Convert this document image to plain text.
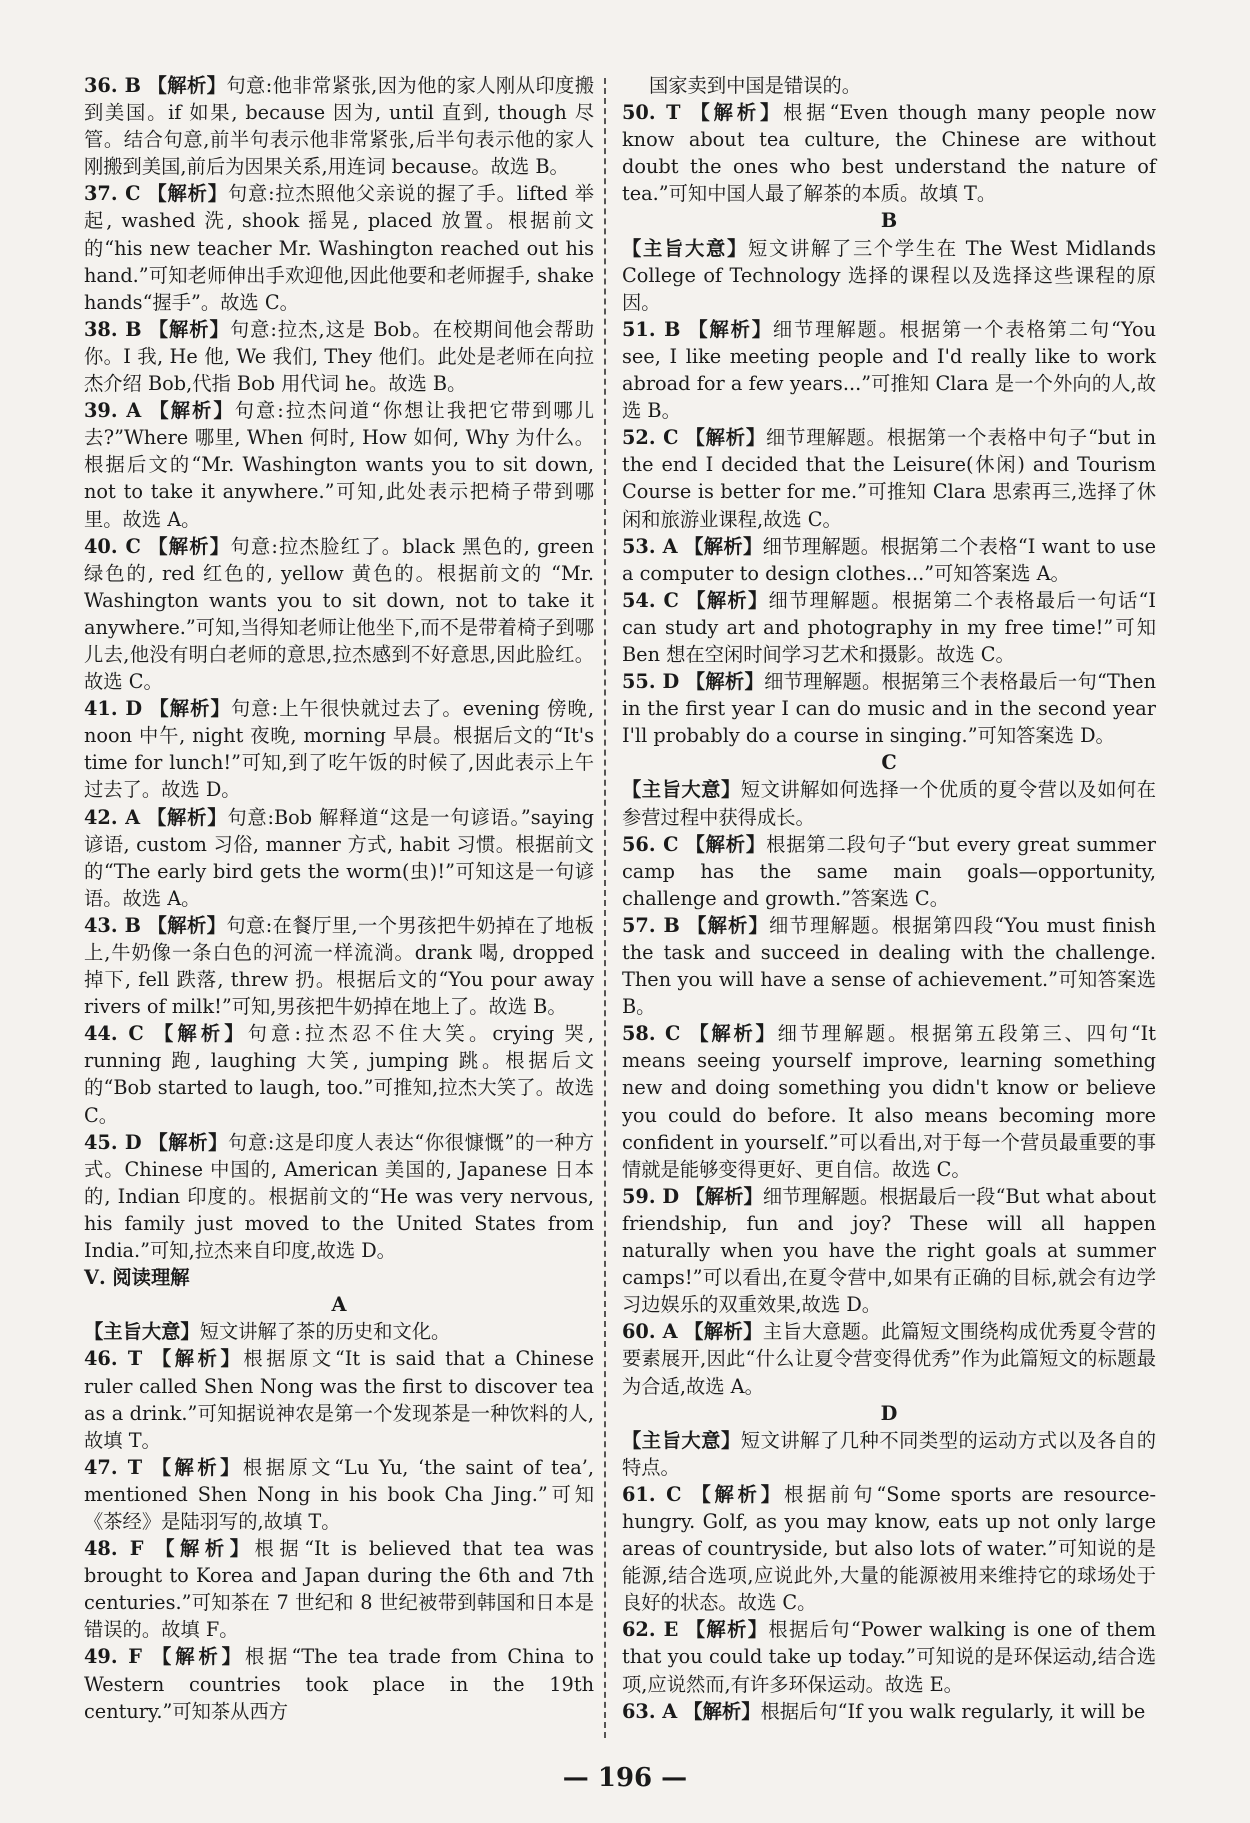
36. B 【解析】句意:他非常紧张,因为他的家人刚从印度搬到美国。if 如果, because 因为, until 直到, though 尽管。结合句意,前半句表示他非常紧张,后半句表示他的家人刚搬到美国,前后为因果关系,用连词 because。故选 B。

37. C 【解析】句意:拉杰照他父亲说的握了手。lifted 举起, washed 洗, shook 摇晃, placed 放置。根据前文的“his new teacher Mr. Washington reached out his hand.”可知老师伸出手欢迎他,因此他要和老师握手, shake hands“握手”。故选 C。

38. B 【解析】句意:拉杰,这是 Bob。在校期间他会帮助你。I 我, He 他, We 我们, They 他们。此处是老师在向拉杰介绍 Bob,代指 Bob 用代词 he。故选 B。

39. A 【解析】句意:拉杰问道“你想让我把它带到哪儿去?”Where 哪里, When 何时, How 如何, Why 为什么。根据后文的“Mr. Washington wants you to sit down, not to take it anywhere.”可知,此处表示把椅子带到哪里。故选 A。

40. C 【解析】句意:拉杰脸红了。black 黑色的, green 绿色的, red 红色的, yellow 黄色的。根据前文的 “Mr. Washington wants you to sit down, not to take it anywhere.”可知,当得知老师让他坐下,而不是带着椅子到哪儿去,他没有明白老师的意思,拉杰感到不好意思,因此脸红。故选 C。

41. D 【解析】句意:上午很快就过去了。evening 傍晚, noon 中午, night 夜晚, morning 早晨。根据后文的“It's time for lunch!”可知,到了吃午饭的时候了,因此表示上午过去了。故选 D。

42. A 【解析】句意:Bob 解释道“这是一句谚语。”saying 谚语, custom 习俗, manner 方式, habit 习惯。根据前文的“The early bird gets the worm(虫)!”可知这是一句谚语。故选 A。

43. B 【解析】句意:在餐厅里,一个男孩把牛奶掉在了地板上,牛奶像一条白色的河流一样流淌。drank 喝, dropped 掉下, fell 跌落, threw 扔。根据后文的“You pour away rivers of milk!”可知,男孩把牛奶掉在地上了。故选 B。

44. C 【解析】句意:拉杰忍不住大笑。crying 哭, running 跑, laughing 大笑, jumping 跳。根据后文的“Bob started to laugh, too.”可推知,拉杰大笑了。故选 C。

45. D 【解析】句意:这是印度人表达“你很慷慨”的一种方式。Chinese 中国的, American 美国的, Japanese 日本的, Indian 印度的。根据前文的“He was very nervous, his family just moved to the United States from India.”可知,拉杰来自印度,故选 D。

Ⅴ. 阅读理解

A

【主旨大意】短文讲解了茶的历史和文化。

46. T 【解析】根据原文“It is said that a Chinese ruler called Shen Nong was the first to discover tea as a drink.”可知据说神农是第一个发现茶是一种饮料的人,故填 T。

47. T 【解析】根据原文“Lu Yu, ‘the saint of tea’, mentioned Shen Nong in his book Cha Jing.”可知《茶经》是陆羽写的,故填 T。

48. F 【解析】根据“It is believed that tea was brought to Korea and Japan during the 6th and 7th centuries.”可知茶在 7 世纪和 8 世纪被带到韩国和日本是错误的。故填 F。

49. F 【解析】根据“The tea trade from China to Western countries took place in the 19th century.”可知茶从西方

国家卖到中国是错误的。

50. T 【解析】根据“Even though many people now know about tea culture, the Chinese are without doubt the ones who best understand the nature of tea.”可知中国人最了解茶的本质。故填 T。

B

【主旨大意】短文讲解了三个学生在 The West Midlands College of Technology 选择的课程以及选择这些课程的原因。

51. B 【解析】细节理解题。根据第一个表格第二句“You see, I like meeting people and I'd really like to work abroad for a few years...”可推知 Clara 是一个外向的人,故选 B。

52. C 【解析】细节理解题。根据第一个表格中句子“but in the end I decided that the Leisure(休闲) and Tourism Course is better for me.”可推知 Clara 思索再三,选择了休闲和旅游业课程,故选 C。

53. A 【解析】细节理解题。根据第二个表格“I want to use a computer to design clothes...”可知答案选 A。

54. C 【解析】细节理解题。根据第二个表格最后一句话“I can study art and photography in my free time!”可知 Ben 想在空闲时间学习艺术和摄影。故选 C。

55. D 【解析】细节理解题。根据第三个表格最后一句“Then in the first year I can do music and in the second year I'll probably do a course in singing.”可知答案选 D。

C

【主旨大意】短文讲解如何选择一个优质的夏令营以及如何在参营过程中获得成长。

56. C 【解析】根据第二段句子“but every great summer camp has the same main goals—opportunity, challenge and growth.”答案选 C。

57. B 【解析】细节理解题。根据第四段“You must finish the task and succeed in dealing with the challenge. Then you will have a sense of achievement.”可知答案选 B。

58. C 【解析】细节理解题。根据第五段第三、四句“It means seeing yourself improve, learning something new and doing something you didn't know or believe you could do before. It also means becoming more confident in yourself.”可以看出,对于每一个营员最重要的事情就是能够变得更好、更自信。故选 C。

59. D 【解析】细节理解题。根据最后一段“But what about friendship, fun and joy? These will all happen naturally when you have the right goals at summer camps!”可以看出,在夏令营中,如果有正确的目标,就会有边学习边娱乐的双重效果,故选 D。

60. A 【解析】主旨大意题。此篇短文围绕构成优秀夏令营的要素展开,因此“什么让夏令营变得优秀”作为此篇短文的标题最为合适,故选 A。

D

【主旨大意】短文讲解了几种不同类型的运动方式以及各自的特点。

61. C 【解析】根据前句“Some sports are resource-hungry. Golf, as you may know, eats up not only large areas of countryside, but also lots of water.”可知说的是能源,结合选项,应说此外,大量的能源被用来维持它的球场处于良好的状态。故选 C。

62. E 【解析】根据后句“Power walking is one of them that you could take up today.”可知说的是环保运动,结合选项,应说然而,有许多环保运动。故选 E。

63. A 【解析】根据后句“If you walk regularly, it will be

— 196 —
